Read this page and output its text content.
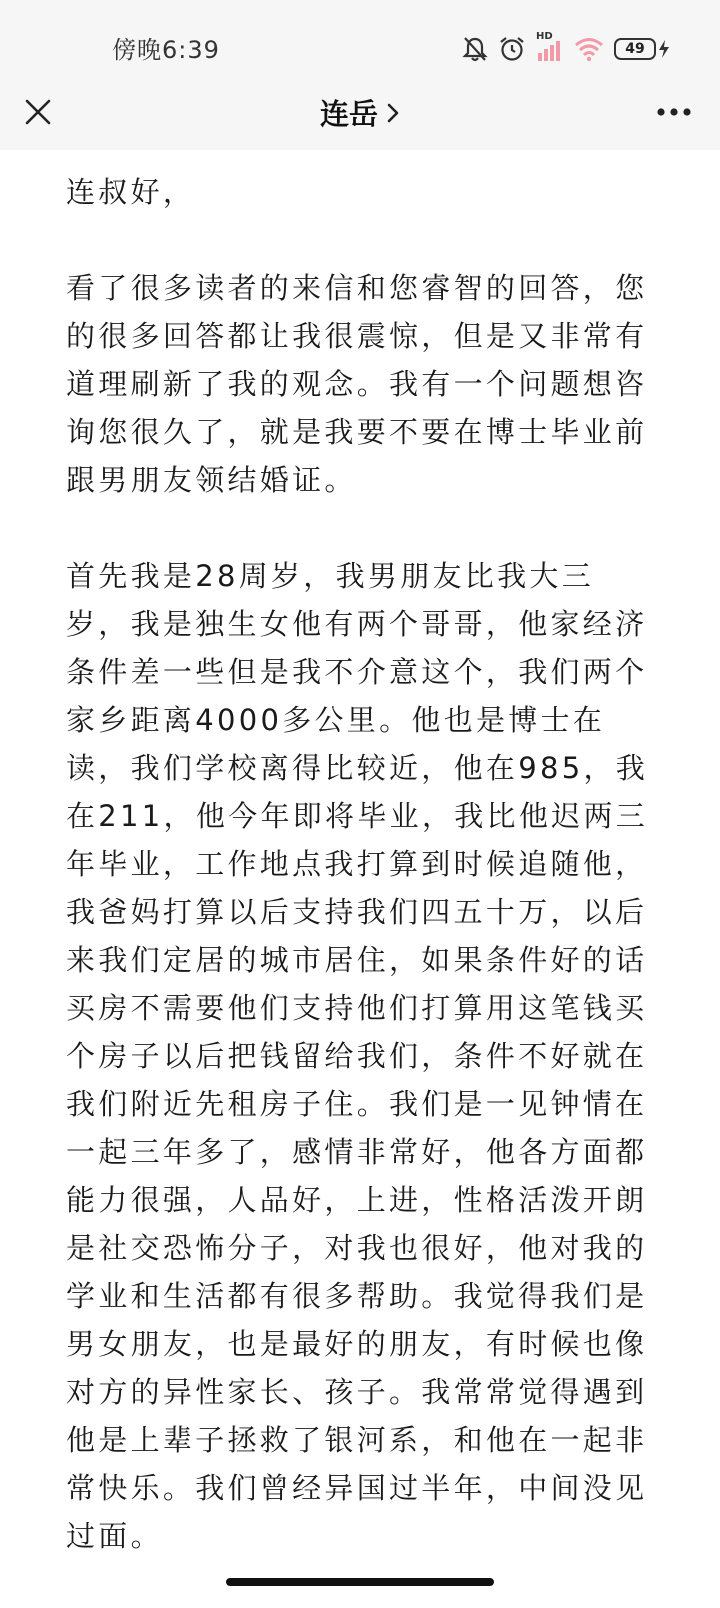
傍晚6:39	HD
49
连岳

连叔好，

看了很多读者的来信和您睿智的回答，您的很多回答都让我很震惊，但是又非常有道理刷新了我的观念。我有一个问题想咨询您很久了，就是我要不要在博士毕业前跟男朋友领结婚证。

首先我是28周岁，我男朋友比我大三岁，我是独生女他有两个哥哥，他家经济条件差一些但是我不介意这个，我们两个家乡距离4000多公里。他也是博士在读，我们学校离得比较近，他在985，我在211，他今年即将毕业，我比他迟两三年毕业，工作地点我打算到时候追随他，我爸妈打算以后支持我们四五十万，以后来我们定居的城市居住，如果条件好的话买房不需要他们支持他们打算用这笔钱买个房子以后把钱留给我们，条件不好就在我们附近先租房子住。我们是一见钟情在一起三年多了，感情非常好，他各方面都能力很强，人品好，上进，性格活泼开朗是社交恐怖分子，对我也很好，他对我的学业和生活都有很多帮助。我觉得我们是男女朋友，也是最好的朋友，有时候也像对方的异性家长、孩子。我常常觉得遇到他是上辈子拯救了银河系，和他在一起非常快乐。我们曾经异国过半年，中间没见过面。
